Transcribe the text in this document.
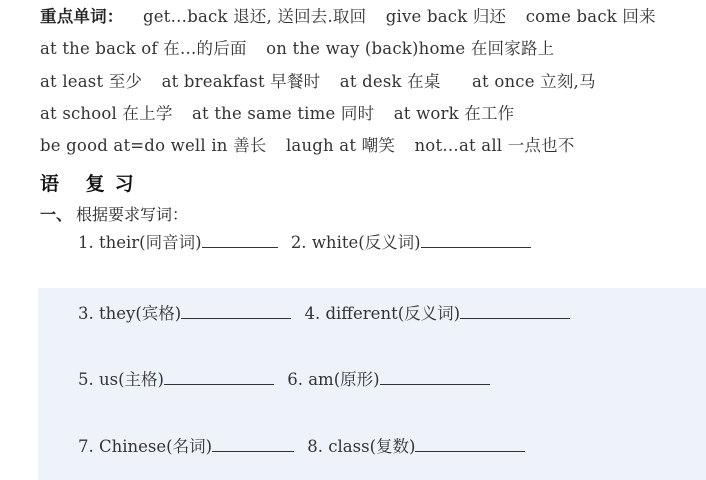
重点单词： get…back 退还, 送回去.取回 give back 归还 come back 回来
at the back of 在…的后面 on the way (back)home 在回家路上
at least 至少 at breakfast 早餐时 at desk 在桌 at once 立刻,马
at school 在上学 at the same time 同时 at work 在工作
be good at=do well in 善长 laugh at 嘲笑 not…at all 一点也不
语 复习
一、 根据要求写词：
1. their(同音词)	2. white(反义词)
3. they(宾格)	4. different(反义词)
5. us(主格)	6. am(原形)
7. Chinese(名词)	8. class(复数)
